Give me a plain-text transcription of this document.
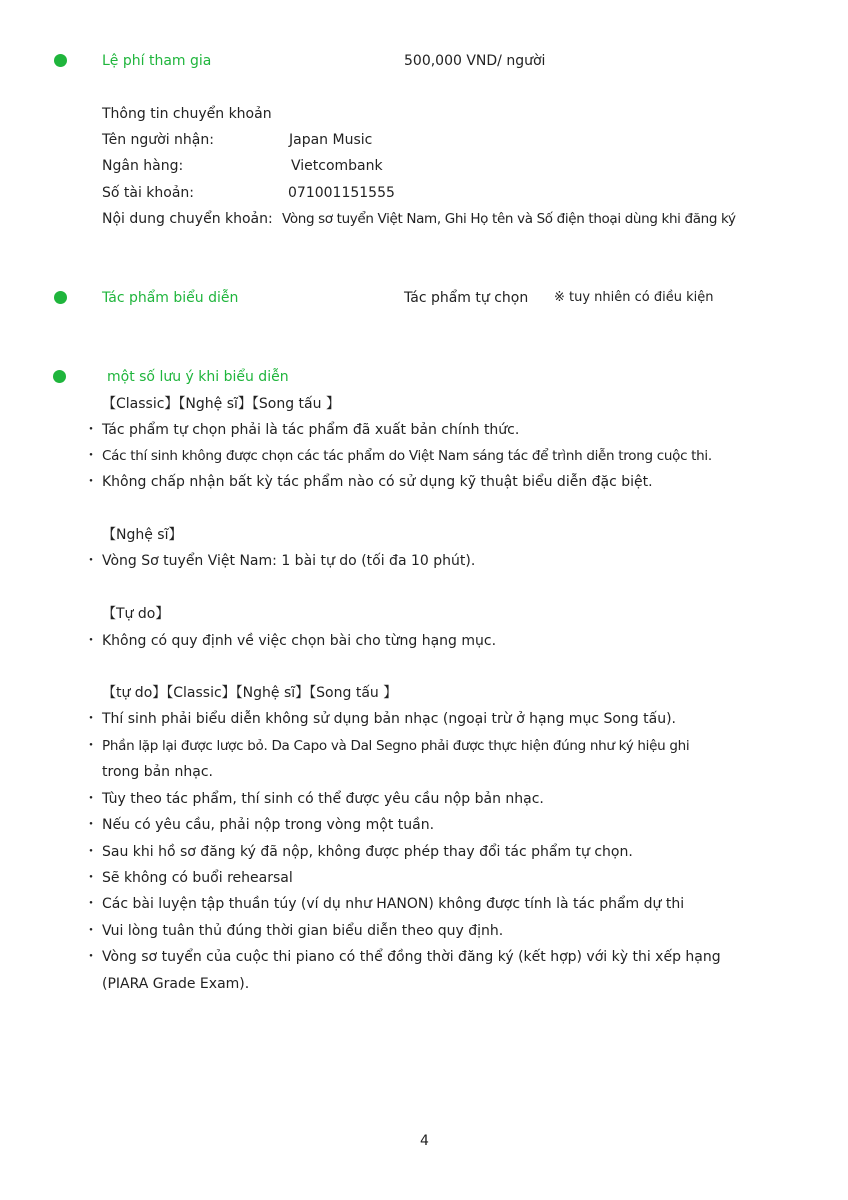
Lệ phí tham gia	500,000 VND/ người
Thông tin chuyển khoản
Tên người nhận:	Japan Music
Ngân hàng:	Vietcombank
Số tài khoản:	071001151555
Nội dung chuyển khoản: Vòng sơ tuyển Việt Nam, Ghi Họ tên và Số điện thoại dùng khi đăng ký
Tác phẩm biểu diễn	Tác phẩm tự chọn ※ tuy nhiên có điều kiện
một số lưu ý khi biểu diễn
【Classic】【Nghệ sĩ】【Song tấu 】
・ Tác phẩm tự chọn phải là tác phẩm đã xuất bản chính thức.
・ Các thí sinh không được chọn các tác phẩm do Việt Nam sáng tác để trình diễn trong cuộc thi.
・ Không chấp nhận bất kỳ tác phẩm nào có sử dụng kỹ thuật biểu diễn đặc biệt.
【Nghệ sĩ】
・ Vòng Sơ tuyển Việt Nam: 1 bài tự do (tối đa 10 phút).
【Tự do】
・ Không có quy định về việc chọn bài cho từng hạng mục.
【tự do】【Classic】【Nghệ sĩ】【Song tấu 】
・ Thí sinh phải biểu diễn không sử dụng bản nhạc (ngoại trừ ở hạng mục Song tấu).
・ Phần lặp lại được lược bỏ. Da Capo và Dal Segno phải được thực hiện đúng như ký hiệu ghi
trong bản nhạc.
・ Tùy theo tác phẩm, thí sinh có thể được yêu cầu nộp bản nhạc.
・ Nếu có yêu cầu, phải nộp trong vòng một tuần.
・ Sau khi hồ sơ đăng ký đã nộp, không được phép thay đổi tác phẩm tự chọn.
・ Sẽ không có buổi rehearsal
・ Các bài luyện tập thuần túy (ví dụ như HANON) không được tính là tác phẩm dự thi
・ Vui lòng tuân thủ đúng thời gian biểu diễn theo quy định.
・ Vòng sơ tuyển của cuộc thi piano có thể đồng thời đăng ký (kết hợp) với kỳ thi xếp hạng
(PIARA Grade Exam).
4
